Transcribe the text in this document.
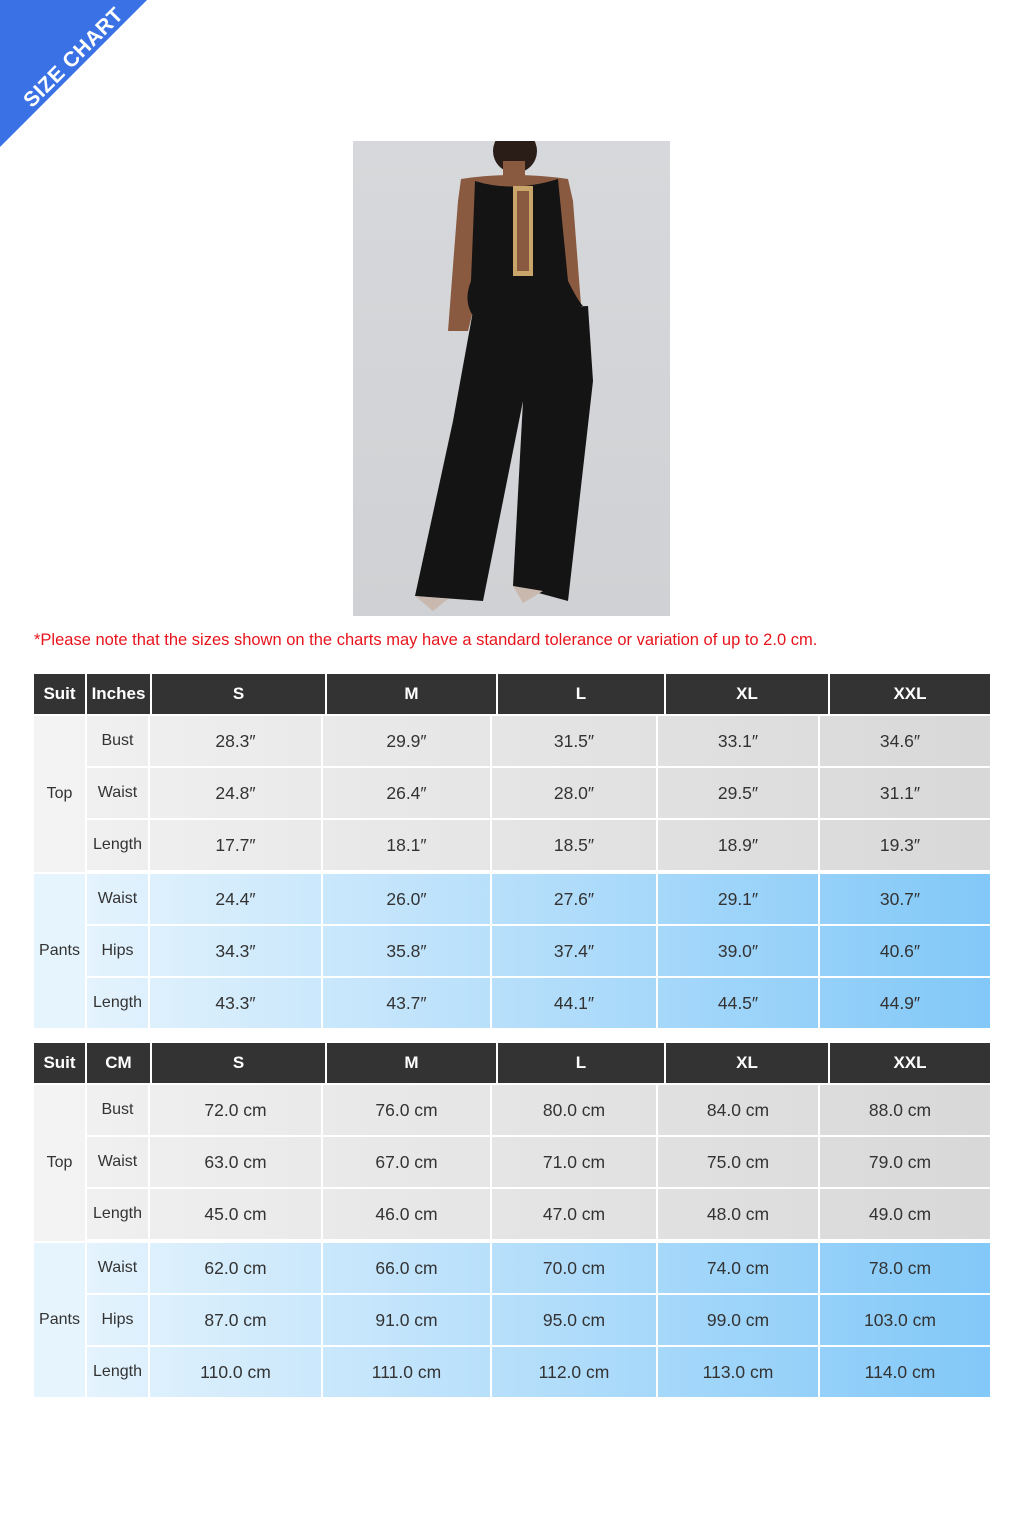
SIZE CHART
*Please note that the sizes shown on the charts may have a standard tolerance or variation of up to 2.0 cm.
Suit Inches	S	M	L	XL	XXL
Top
Bust	28.3″	29.9″	31.5″	33.1″	34.6″
Waist	24.8″	26.4″	28.0″	29.5″	31.1″
Length	17.7″	18.1″	18.5″	18.9″	19.3″
Pants
Waist	24.4″	26.0″	27.6″	29.1″	30.7″
Hips	34.3″	35.8″	37.4″	39.0″	40.6″
Length	43.3″	43.7″	44.1″	44.5″	44.9″
Suit	CM	S	M	L	XL	XXL
Top
Bust	72.0 cm	76.0 cm	80.0 cm	84.0 cm	88.0 cm
Waist	63.0 cm	67.0 cm	71.0 cm	75.0 cm	79.0 cm
Length	45.0 cm	46.0 cm	47.0 cm	48.0 cm	49.0 cm
Pants
Waist	62.0 cm	66.0 cm	70.0 cm	74.0 cm	78.0 cm
Hips	87.0 cm	91.0 cm	95.0 cm	99.0 cm	103.0 cm
Length	110.0 cm	111.0 cm	112.0 cm	113.0 cm	114.0 cm
